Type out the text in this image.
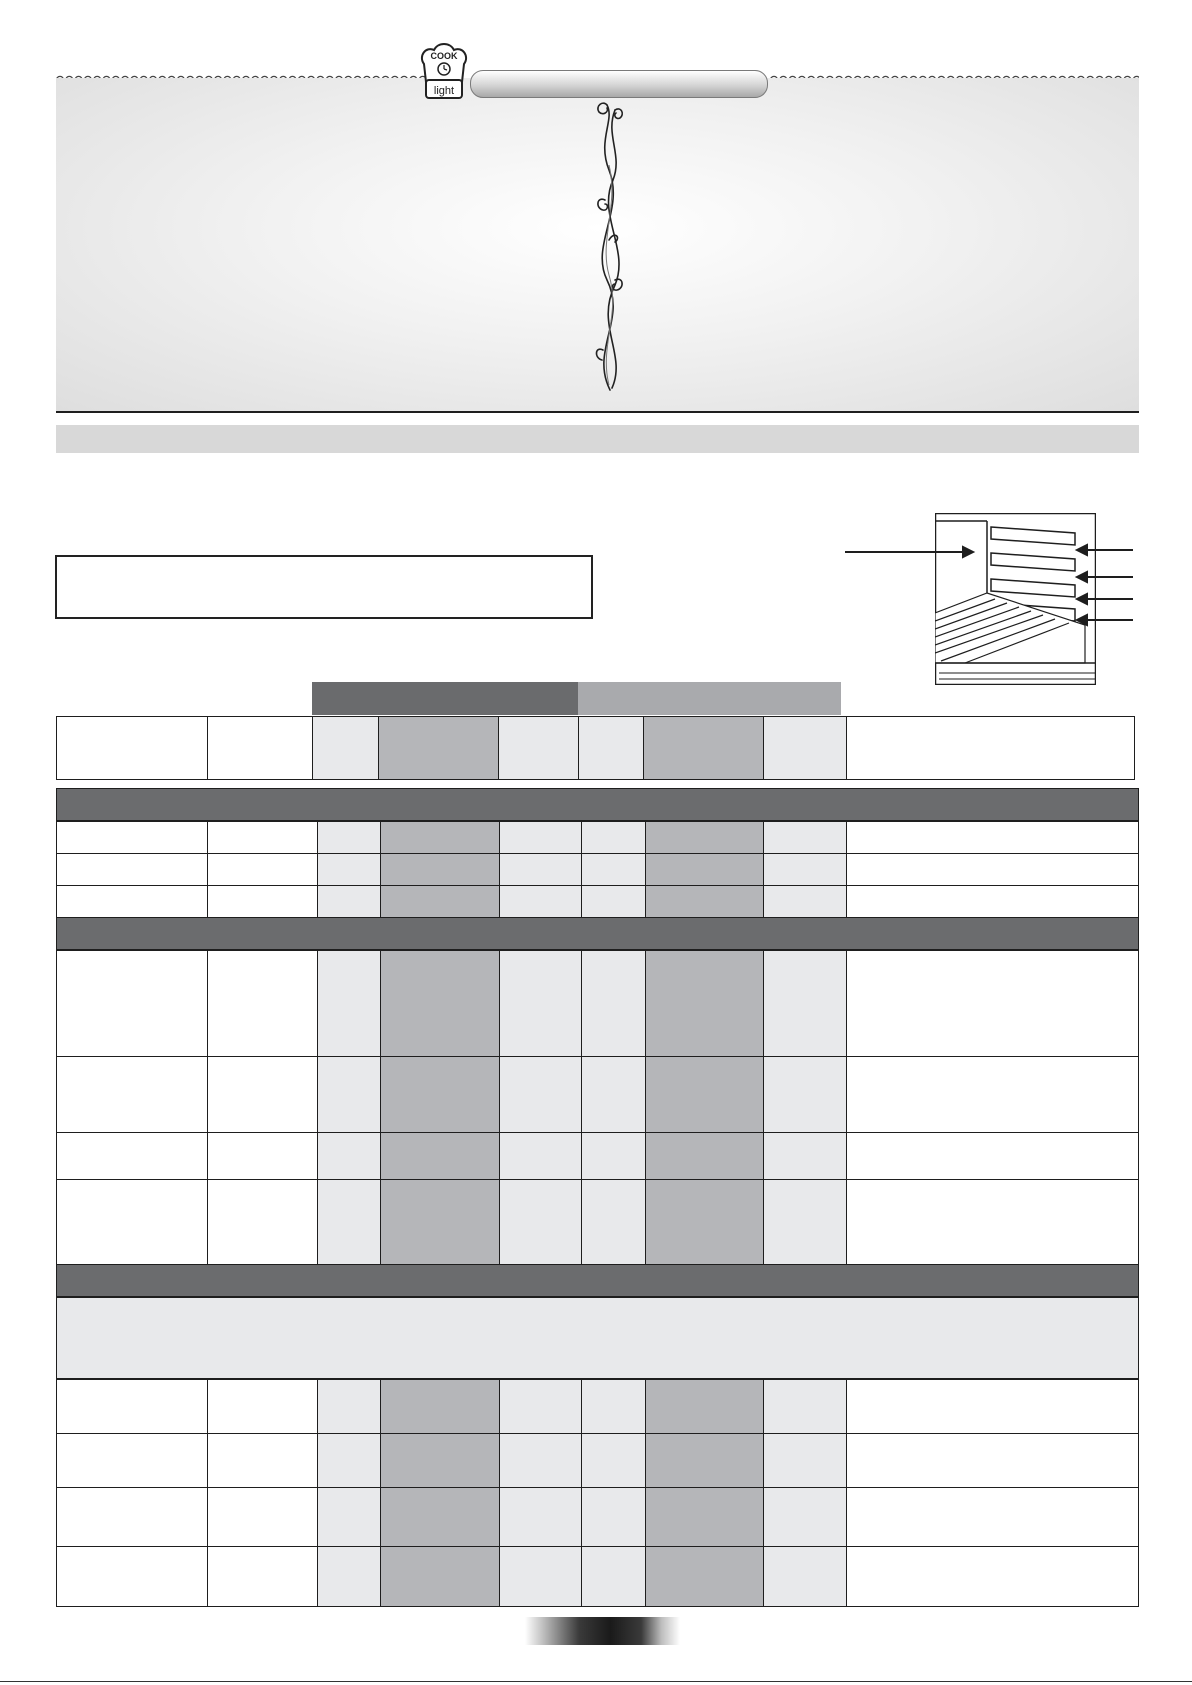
COOK
light
